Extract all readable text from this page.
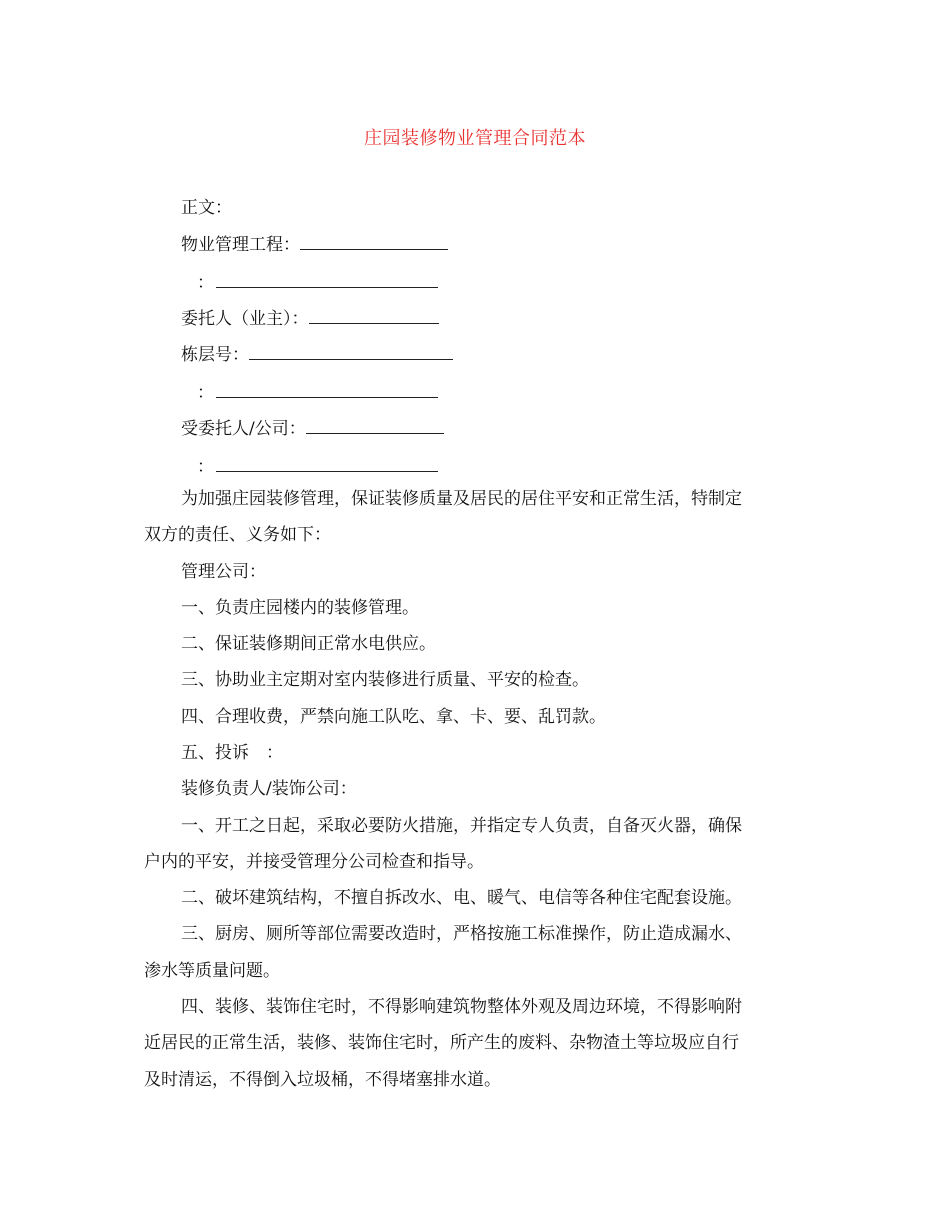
庄园装修物业管理合同范本
正文：
物业管理工程：
：
委托人（业主）：
栋层号：
：
受委托人/公司：
：
为加强庄园装修管理，保证装修质量及居民的居住平安和正常生活，特制定
双方的责任、义务如下：
管理公司：
一、负责庄园楼内的装修管理。
二、保证装修期间正常水电供应。
三、协助业主定期对室内装修进行质量、平安的检查。
四、合理收费，严禁向施工队吃、拿、卡、要、乱罚款。
五、投诉　：
装修负责人/装饰公司：
一、开工之日起，采取必要防火措施，并指定专人负责，自备灭火器，确保
户内的平安，并接受管理分公司检查和指导。
二、破坏建筑结构，不擅自拆改水、电、暖气、电信等各种住宅配套设施。
三、厨房、厕所等部位需要改造时，严格按施工标准操作，防止造成漏水、
渗水等质量问题。
四、装修、装饰住宅时，不得影响建筑物整体外观及周边环境，不得影响附
近居民的正常生活，装修、装饰住宅时，所产生的废料、杂物渣土等垃圾应自行
及时清运，不得倒入垃圾桶，不得堵塞排水道。
